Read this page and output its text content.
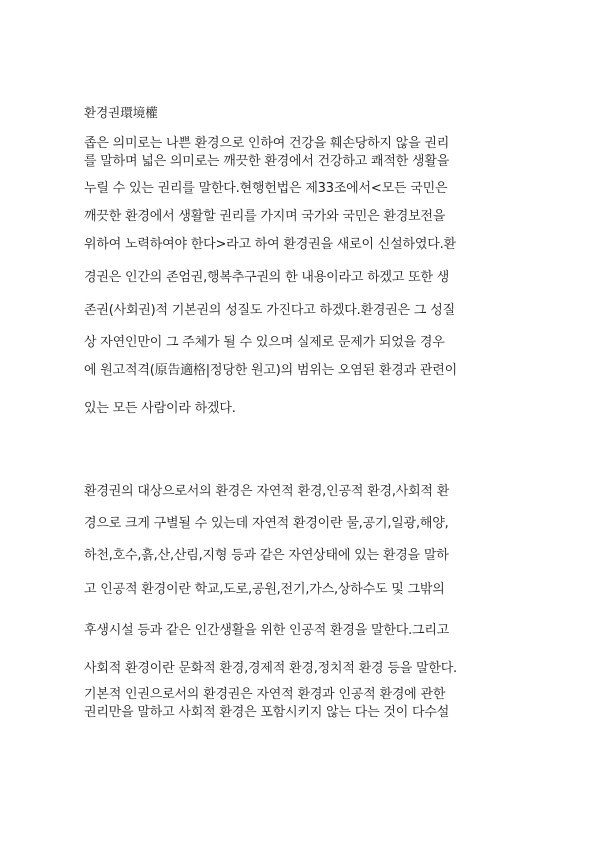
환경권環境權
좁은 의미로는 나쁜 환경으로 인하여 건강을 훼손당하지 않을 권리
를 말하며 넓은 의미로는 깨끗한 환경에서 건강하고 쾌적한 생활을
누릴 수 있는 권리를 말한다.현행헌법은 제33조에서<모든 국민은
깨끗한 환경에서 생활할 권리를 가지며 국가와 국민은 환경보전을
위하여 노력하여야 한다>라고 하여 환경권을 새로이 신설하였다.환
경권은 인간의 존엄권,행복추구권의 한 내용이라고 하겠고 또한 생
존권(사회권)적 기본권의 성질도 가진다고 하겠다.환경권은 그 성질
상 자연인만이 그 주체가 될 수 있으며 실제로 문제가 되었을 경우
에 원고적격(原告適格|정당한 원고)의 범위는 오염된 환경과 관련이
있는 모든 사람이라 하겠다.
환경권의 대상으로서의 환경은 자연적 환경,인공적 환경,사회적 환
경으로 크게 구별될 수 있는데 자연적 환경이란 물,공기,일광,해양,
하천,호수,흙,산,산림,지형 등과 같은 자연상태에 있는 환경을 말하
고 인공적 환경이란 학교,도로,공원,전기,가스,상하수도 및 그밖의
후생시설 등과 같은 인간생활을 위한 인공적 환경을 말한다.그리고
사회적 환경이란 문화적 환경,경제적 환경,정치적 환경 등을 말한다.
기본적 인권으로서의 환경권은 자연적 환경과 인공적 환경에 관한
권리만을 말하고 사회적 환경은 포함시키지 않는 다는 것이 다수설
